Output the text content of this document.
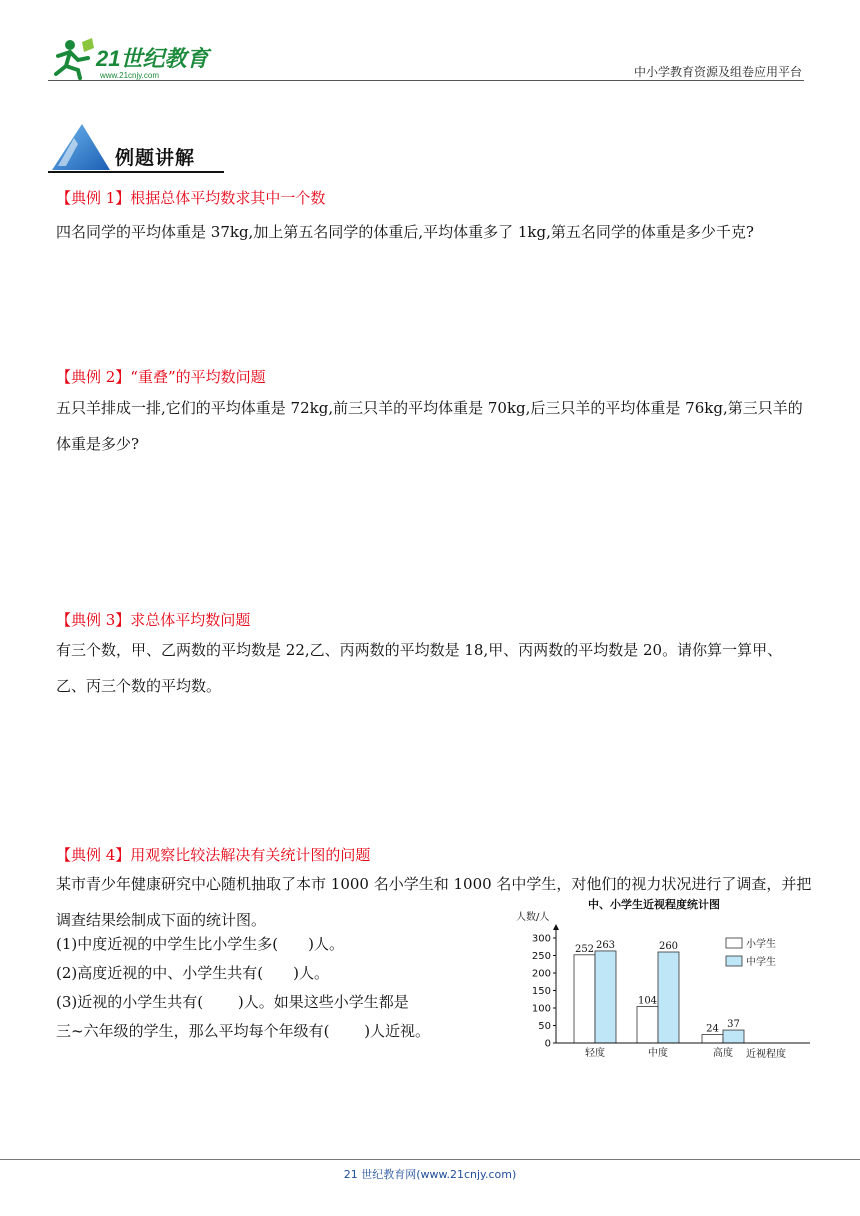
21世纪教育
www.21cnjy.com	中小学教育资源及组卷应用平台
例题讲解
【典例 1】根据总体平均数求其中一个数
四名同学的平均体重是 37kg,加上第五名同学的体重后,平均体重多了 1kg,第五名同学的体重是多少千克?
【典例 2】“重叠”的平均数问题
五只羊排成一排,它们的平均体重是 72kg,前三只羊的平均体重是 70kg,后三只羊的平均体重是 76kg,第三只羊的体重是多少?
【典例 3】求总体平均数问题
有三个数，甲、乙两数的平均数是 22,乙、丙两数的平均数是 18,甲、丙两数的平均数是 20。请你算一算甲、乙、丙三个数的平均数。
【典例 4】用观察比较法解决有关统计图的问题
某市青少年健康研究中心随机抽取了本市 1000 名小学生和 1000 名中学生，对他们的视力状况进行了调查，并把调查结果绘制成下面的统计图。
(1)中度近视的中学生比小学生多(　　)人。
(2)高度近视的中、小学生共有(　　)人。
(3)近视的小学生共有(　　 )人。如果这些小学生都是
三~六年级的学生，那么平均每个年级有(　　 )人近视。
中、小学生近视程度统计图
人数/人
252 263
104
260
24 37
0
50
100
150
200
250
300
轻度	中度	高度
小学生
中学生
近视程度
21 世纪教育网(www.21cnjy.com)
